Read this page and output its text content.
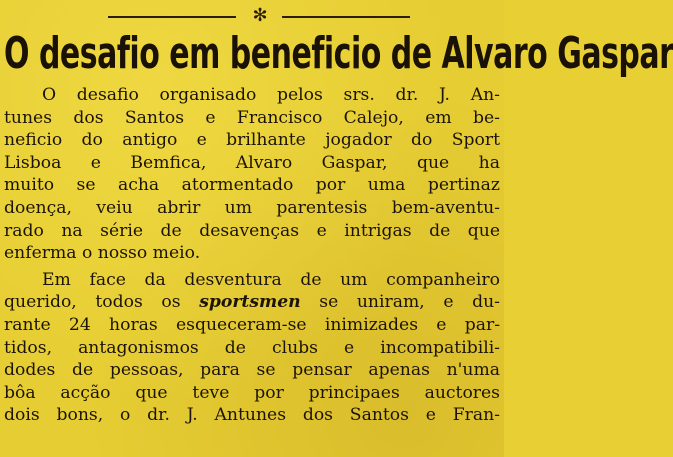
✻
O desafio em beneficio de Alvaro Gaspar
O desafio organisado pelos srs. dr. J. An-
tunes dos Santos e Francisco Calejo, em be-
neficio do antigo e brilhante jogador do Sport
Lisboa e Bemfica, Alvaro Gaspar, que ha
muito se acha atormentado por uma pertinaz
doença, veiu abrir um parentesis bem-aventu-
rado na série de desavenças e intrigas de que
enferma o nosso meio.
Em face da desventura de um companheiro
querido, todos os sportsmen se uniram, e du-
rante 24 horas esqueceram-se inimizades e par-
tidos, antagonismos de clubs e incompatibili-
dodes de pessoas, para se pensar apenas n'uma
bôa acção que teve por principaes auctores
dois bons, o dr. J. Antunes dos Santos e Fran-
